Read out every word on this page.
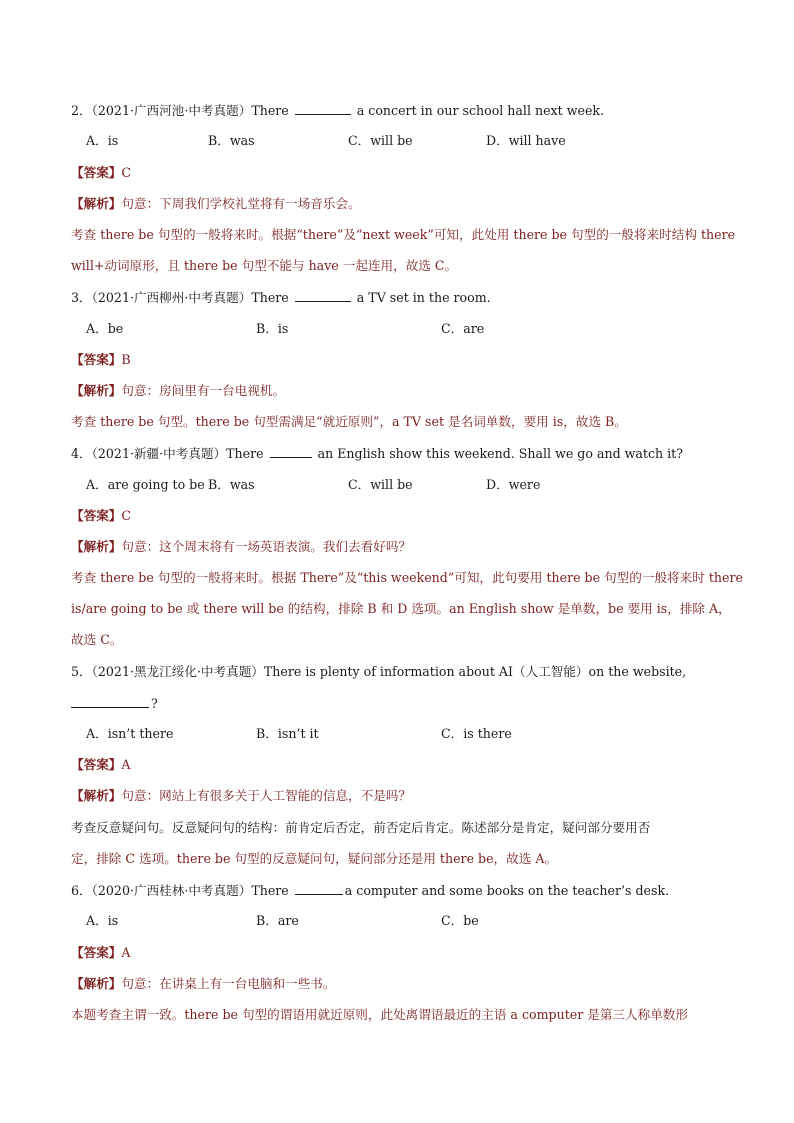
2．（2021·广西河池·中考真题）There	a concert in our school hall next week.
A．is	B．was	C．will be	D．will have
【答案】C
【解析】句意：下周我们学校礼堂将有一场音乐会。
考查 there be 句型的一般将来时。根据“there”及“next week”可知，此处用 there be 句型的一般将来时结构 there
will+动词原形，且 there be 句型不能与 have 一起连用，故选 C。
3．（2021·广西柳州·中考真题）There	a TV set in the room.
A．be	B．is	C．are
【答案】B
【解析】句意：房间里有一台电视机。
考查 there be 句型。there be 句型需满足“就近原则”，a TV set 是名词单数，要用 is，故选 B。
4．（2021·新疆·中考真题）There	an English show this weekend. Shall we go and watch it?
A．are going to be B．was	C．will be	D．were
【答案】C
【解析】句意：这个周末将有一场英语表演。我们去看好吗？
考查 there be 句型的一般将来时。根据 There”及“this weekend”可知，此句要用 there be 句型的一般将来时 there
is/are going to be 或 there will be 的结构，排除 B 和 D 选项。an English show 是单数，be 要用 is，排除 A，
故选 C。
5．（2021·黑龙江绥化·中考真题）There is plenty of information about AI（人工智能）on the website,
?
A．isn’t there	B．isn’t it	C．is there
【答案】A
【解析】句意：网站上有很多关于人工智能的信息，不是吗？
考查反意疑问句。反意疑问句的结构：前肯定后否定，前否定后肯定。陈述部分是肯定，疑问部分要用否
定，排除 C 选项。there be 句型的反意疑问句，疑问部分还是用 there be，故选 A。
6．（2020·广西桂林·中考真题）There	a computer and some books on the teacher’s desk.
A．is	B．are	C．be
【答案】A
【解析】句意：在讲桌上有一台电脑和一些书。
本题考查主谓一致。there be 句型的谓语用就近原则，此处离谓语最近的主语 a computer 是第三人称单数形
